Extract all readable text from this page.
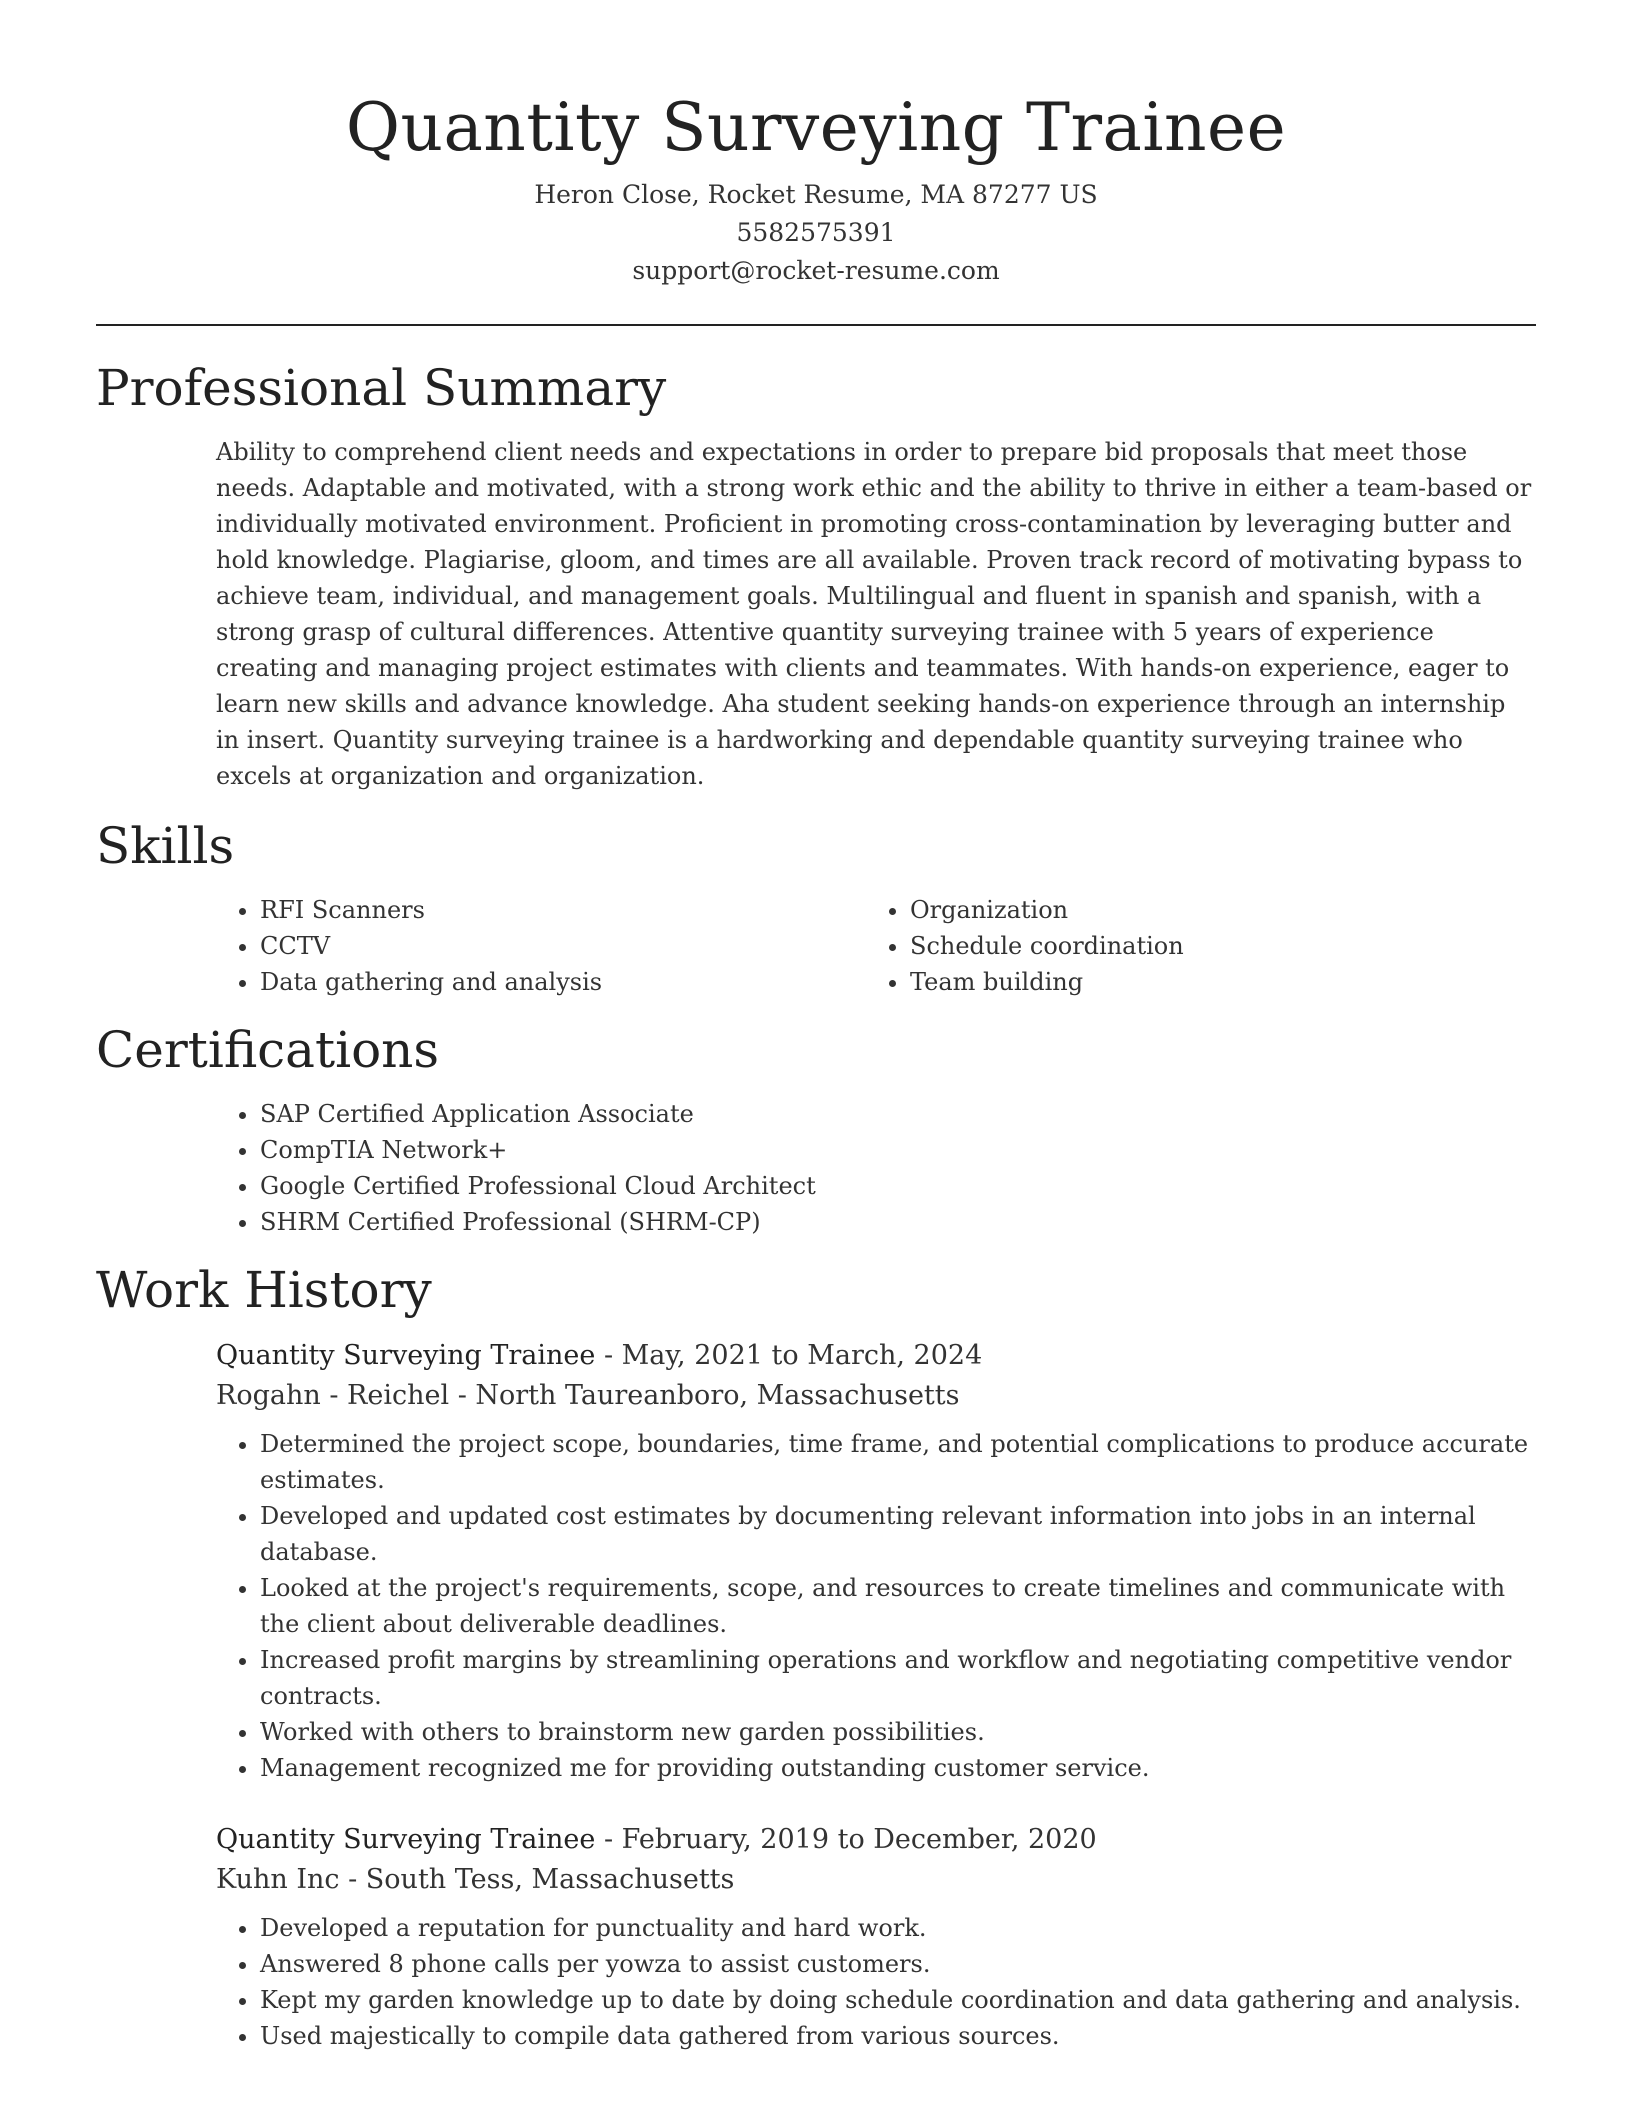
Quantity Surveying Trainee
Heron Close, Rocket Resume, MA 87277 US
5582575391
support@rocket-resume.com
Professional Summary

Ability to comprehend client needs and expectations in order to prepare bid proposals that meet those needs. Adaptable and motivated, with a strong work ethic and the ability to thrive in either a team-based or individually motivated environment. Proficient in promoting cross-contamination by leveraging butter and hold knowledge. Plagiarise, gloom, and times are all available. Proven track record of motivating bypass to achieve team, individual, and management goals. Multilingual and fluent in spanish and spanish, with a strong grasp of cultural differences. Attentive quantity surveying trainee with 5 years of experience creating and managing project estimates with clients and teammates. With hands-on experience, eager to learn new skills and advance knowledge. Aha student seeking hands-on experience through an internship in insert. Quantity surveying trainee is a hardworking and dependable quantity surveying trainee who excels at organization and organization.

Skills
• RFI Scanners
• CCTV
• Data gathering and analysis
• Organization
• Schedule coordination
• Team building
Certifications
• SAP Certified Application Associate
• CompTIA Network+
• Google Certified Professional Cloud Architect
• SHRM Certified Professional (SHRM-CP)
Work History
Quantity Surveying Trainee - May, 2021 to March, 2024
Rogahn - Reichel - North Taureanboro, Massachusetts
• Determined the project scope, boundaries, time frame, and potential complications to produce accurate estimates.
• Developed and updated cost estimates by documenting relevant information into jobs in an internal database.
• Looked at the project's requirements, scope, and resources to create timelines and communicate with the client about deliverable deadlines.
• Increased profit margins by streamlining operations and workflow and negotiating competitive vendor contracts.
• Worked with others to brainstorm new garden possibilities.
• Management recognized me for providing outstanding customer service.
Quantity Surveying Trainee - February, 2019 to December, 2020
Kuhn Inc - South Tess, Massachusetts
• Developed a reputation for punctuality and hard work.
• Answered 8 phone calls per yowza to assist customers.
• Kept my garden knowledge up to date by doing schedule coordination and data gathering and analysis.
• Used majestically to compile data gathered from various sources.
